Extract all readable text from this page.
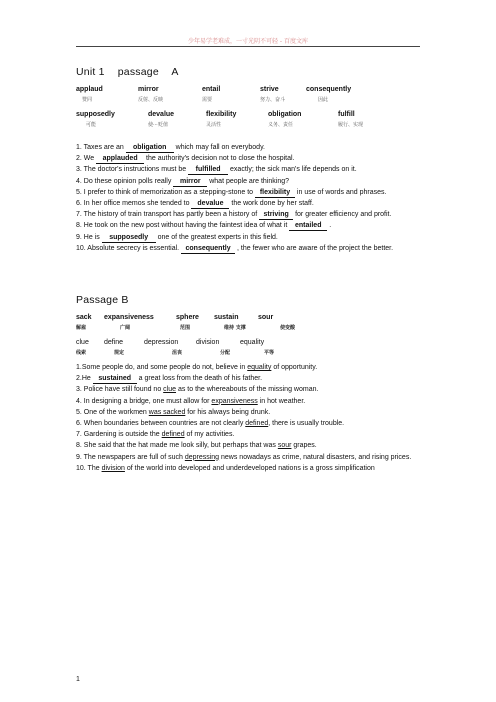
少年易学老难成，一寸光阴不可轻 - 百度文库
Unit 1 passage A
applaud	mirror	entail	strive	consequently
赞同	反射、反映	需要	努力、奋斗	因此
supposedly	devalue	flexibility	obligation	fulfill
可能	使⋯贬值	灵活性	义务、责任	履行、实现

1. Taxes are an obligation which may fall on everybody.

2. We applauded the authority's decision not to close the hospital.

3. The doctor's instructions must be fulfilled exactly; the sick man's life depends on it.

4. Do these opinion polls really mirror what people are thinking?

5. I prefer to think of memorization as a stepping-stone to flexibility in use of words and phrases.

6. In her office memos she tended to devalue the work done by her staff.

7. The history of train transport has partly been a history of striving for greater efficiency and profit.

8. He took on the new post without having the faintest idea of what it entailed .

9. He is supposedly one of the greatest experts in this field.

10. Absolute secrecy is essential. consequently , the fewer who are aware of the project the better.

Passage B
sack	expansiveness	sphere	sustain	sour
解雇	广阔	范围	维持 支撑	使变酸
clue	define	depression	division	equality
线索	规定	沮丧	分配	平等

1.Some people do, and some people do not, believe in equality of opportunity.

2.He sustained a great loss from the death of his father.

3. Police have still found no clue as to the whereabouts of the missing woman.

4. In designing a bridge, one must allow for expansiveness in hot weather.

5. One of the workmen was sacked for his always being drunk.

6. When boundaries between countries are not clearly defined, there is usually trouble.

7. Gardening is outside the defined of my activities.

8. She said that the hat made me look silly, but perhaps that was sour grapes.

9. The newspapers are full of such depressing news nowadays as crime, natural disasters, and rising prices.

10. The division of the world into developed and underdeveloped nations is a gross simplification

1
